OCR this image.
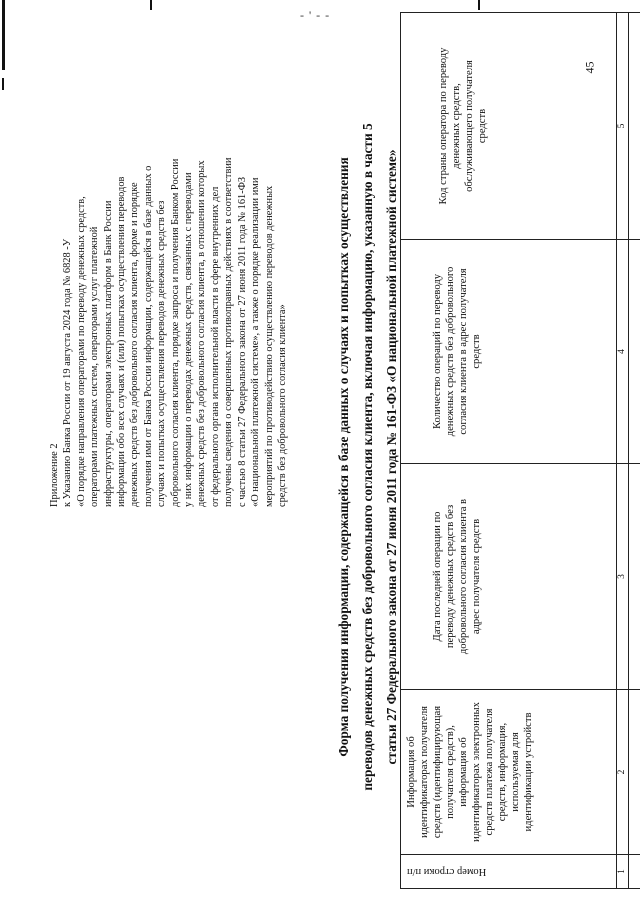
- ' - -
45
Приложение 2 к Указанию Банка России от 19 августа 2024 года № 6828 -У «О порядке направления операторами по переводу денежных средств, операторами платежных систем, операторами услуг платежной инфраструктуры, операторами электронных платформ в Банк России информации обо всех случаях и (или) попытках осуществления переводов денежных средств без добровольного согласия клиента, форме и порядке получения ими от Банка России информации, содержащейся в базе данных о случаях и попытках осуществления переводов денежных средств без добровольного согласия клиента, порядке запроса и получения Банком России у них информации о переводах денежных средств, связанных с переводами денежных средств без добровольного согласия клиента, в отношении которых от федерального органа исполнительной власти в сфере внутренних дел получены сведения о совершенных противоправных действиях в соответствии с частью 8 статьи 27 Федерального закона от 27 июня 2011 года № 161-ФЗ «О национальной платежной системе», а также о порядке реализации ими мероприятий по противодействию осуществлению переводов денежных средств без добровольного согласия клиента»	Форма получения информации, содержащейся в базе данных о случаях и попытках осуществления переводов денежных средств без добровольного согласия клиента, включая информацию, указанную в части 5 статьи 27 Федерального закона от 27 июня 2011 года № 161-ФЗ «О национальной платежной системе»
Номер строки п/п	Информация об идентификаторах получателя средств (идентифицирующая получателя средств), информация об идентификаторах электронных средств платежа получателя средств, информация, используемая для идентификации устройств	Дата последней операции по переводу денежных средств без добровольного согласия клиента в адрес получателя средств	Количество операций по переводу денежных средств без добровольного согласия клиента в адрес получателя средств	Код страны оператора по переводу денежных средств, обслуживающего получателя средств
1	2	3	4	5
